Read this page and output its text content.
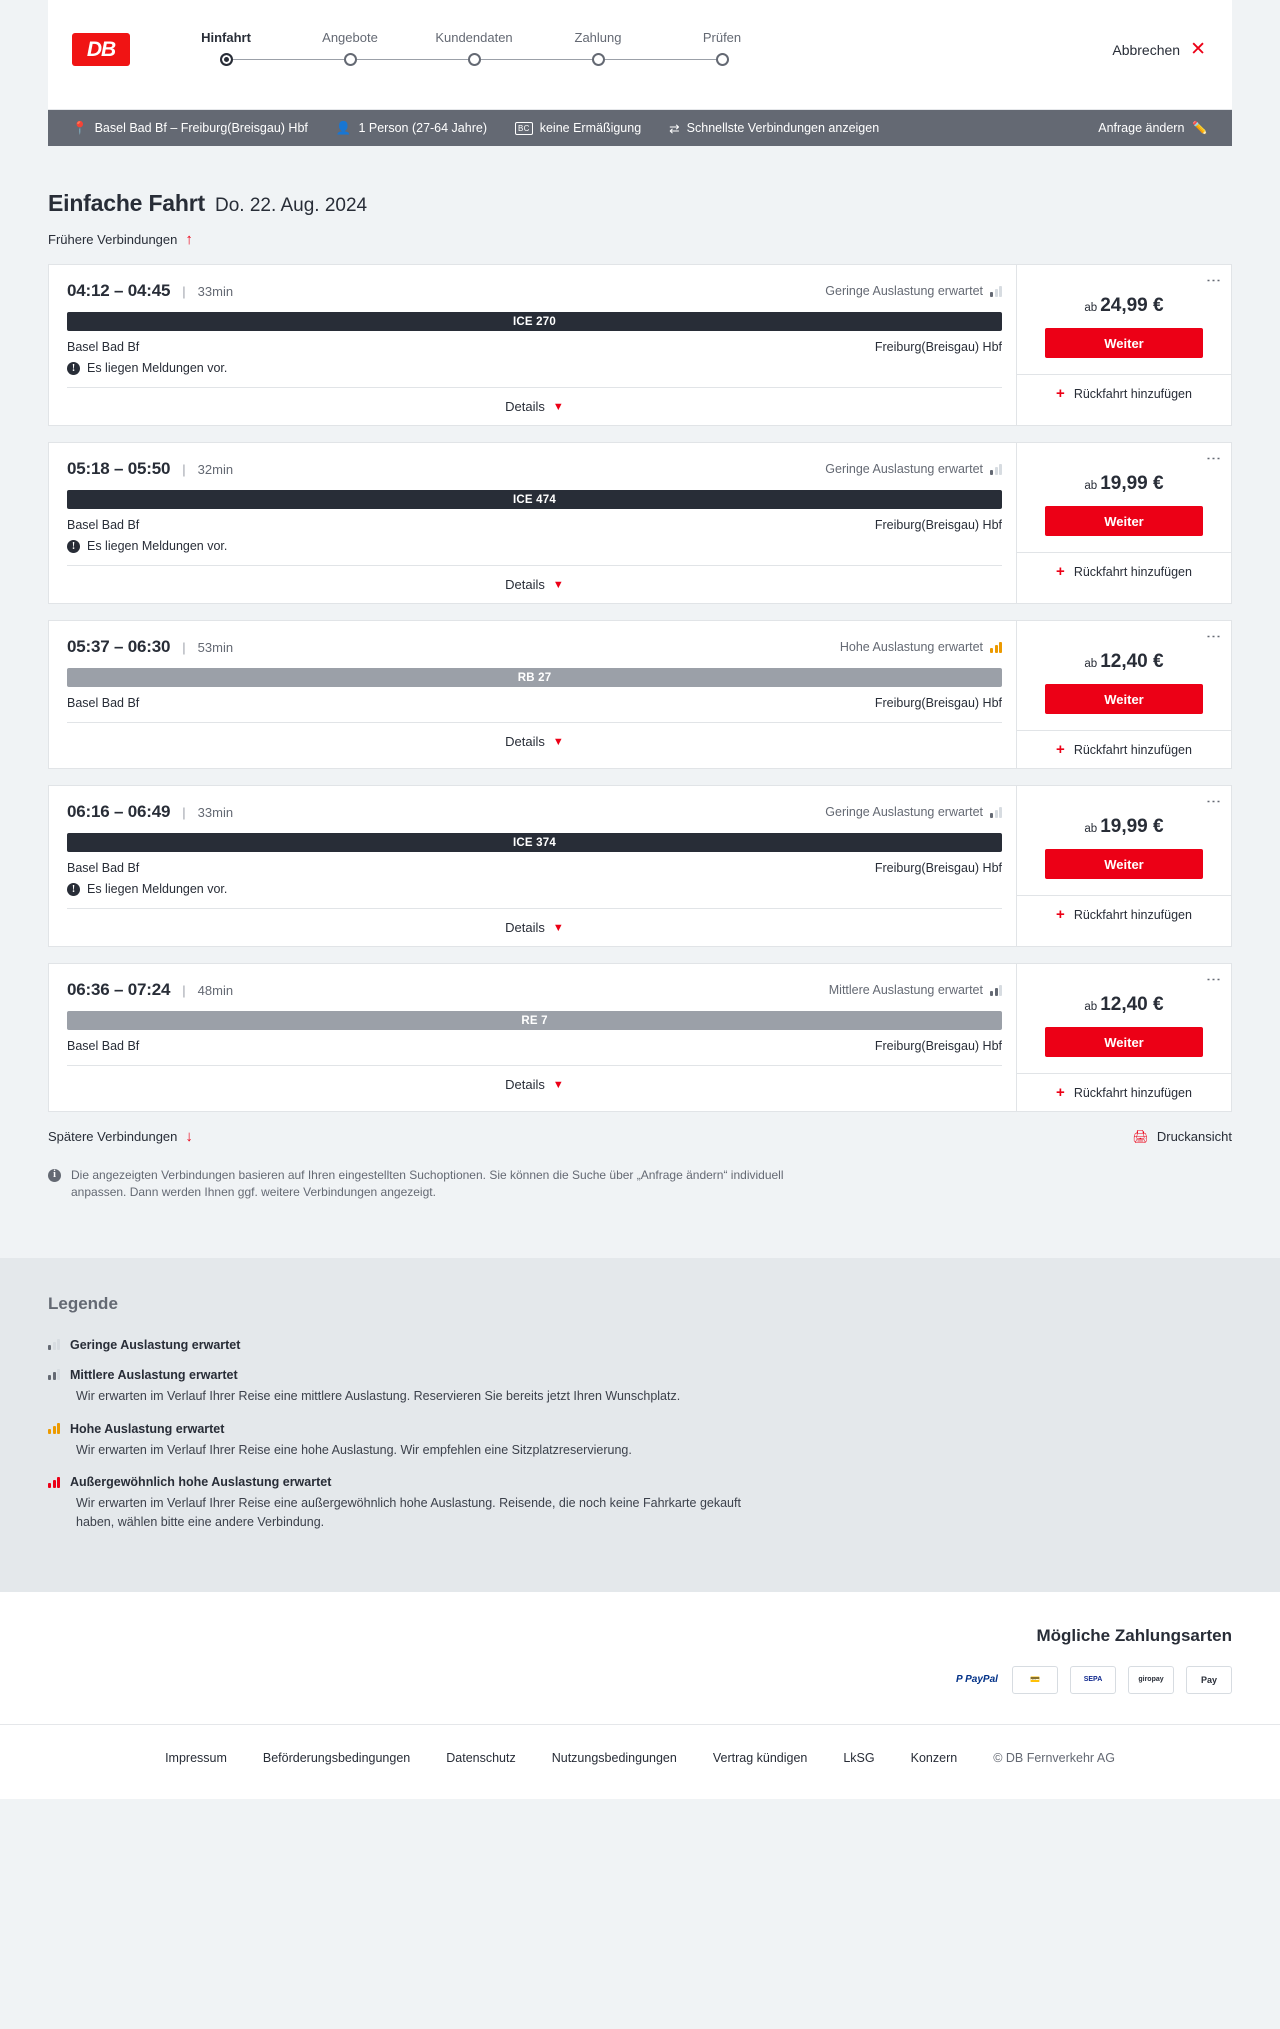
DB	Hinfahrt	Angebote	Kundendaten	Zahlung	Prüfen
Abbrechen ✕
📍 Basel Bad Bf – Freiburg(Breisgau) Hbf 👤 1 Person (27-64 Jahre)	BC keine Ermäßigung ⇄ Schnellste Verbindungen anzeigen	Anfrage ändern ✏️
Einfache Fahrt Do. 22. Aug. 2024
Frühere Verbindungen ↑
04:12 – 04:45 | 33min	Geringe Auslastung erwartet
ICE 270
Basel Bad Bf	Freiburg(Breisgau) Hbf
! Es liegen Meldungen vor.
Details ▼
⋮
ab 24,99 €
Weiter
+ Rückfahrt hinzufügen
05:18 – 05:50 | 32min	Geringe Auslastung erwartet
ICE 474
Basel Bad Bf	Freiburg(Breisgau) Hbf
! Es liegen Meldungen vor.
Details ▼
⋮
ab 19,99 €
Weiter
+ Rückfahrt hinzufügen
05:37 – 06:30 | 53min	Hohe Auslastung erwartet
RB 27
Basel Bad Bf	Freiburg(Breisgau) Hbf
Details ▼
⋮
ab 12,40 €
Weiter
+ Rückfahrt hinzufügen
06:16 – 06:49 | 33min	Geringe Auslastung erwartet
ICE 374
Basel Bad Bf	Freiburg(Breisgau) Hbf
! Es liegen Meldungen vor.
Details ▼
⋮
ab 19,99 €
Weiter
+ Rückfahrt hinzufügen
06:36 – 07:24 | 48min	Mittlere Auslastung erwartet
RE 7
Basel Bad Bf	Freiburg(Breisgau) Hbf
Details ▼
⋮
ab 12,40 €
Weiter
+ Rückfahrt hinzufügen
Spätere Verbindungen ↓	🖨 Druckansicht
i	Die angezeigten Verbindungen basieren auf Ihren eingestellten Suchoptionen. Sie können die Suche über „Anfrage ändern“ individuell anpassen. Dann werden Ihnen ggf. weitere Verbindungen angezeigt.
Legende
Geringe Auslastung erwartet
Mittlere Auslastung erwartet
Wir erwarten im Verlauf Ihrer Reise eine mittlere Auslastung. Reservieren Sie bereits jetzt Ihren Wunschplatz.
Hohe Auslastung erwartet
Wir erwarten im Verlauf Ihrer Reise eine hohe Auslastung. Wir empfehlen eine Sitzplatzreservierung.
Außergewöhnlich hohe Auslastung erwartet
Wir erwarten im Verlauf Ihrer Reise eine außergewöhnlich hohe Auslastung. Reisende, die noch keine Fahrkarte gekauft haben, wählen bitte eine andere Verbindung.
Mögliche Zahlungsarten
P PayPal	💳	SEPA	giropay	Pay
Impressum	Beförderungsbedingungen	Datenschutz	Nutzungsbedingungen	Vertrag kündigen	LkSG	Konzern	© DB Fernverkehr AG
